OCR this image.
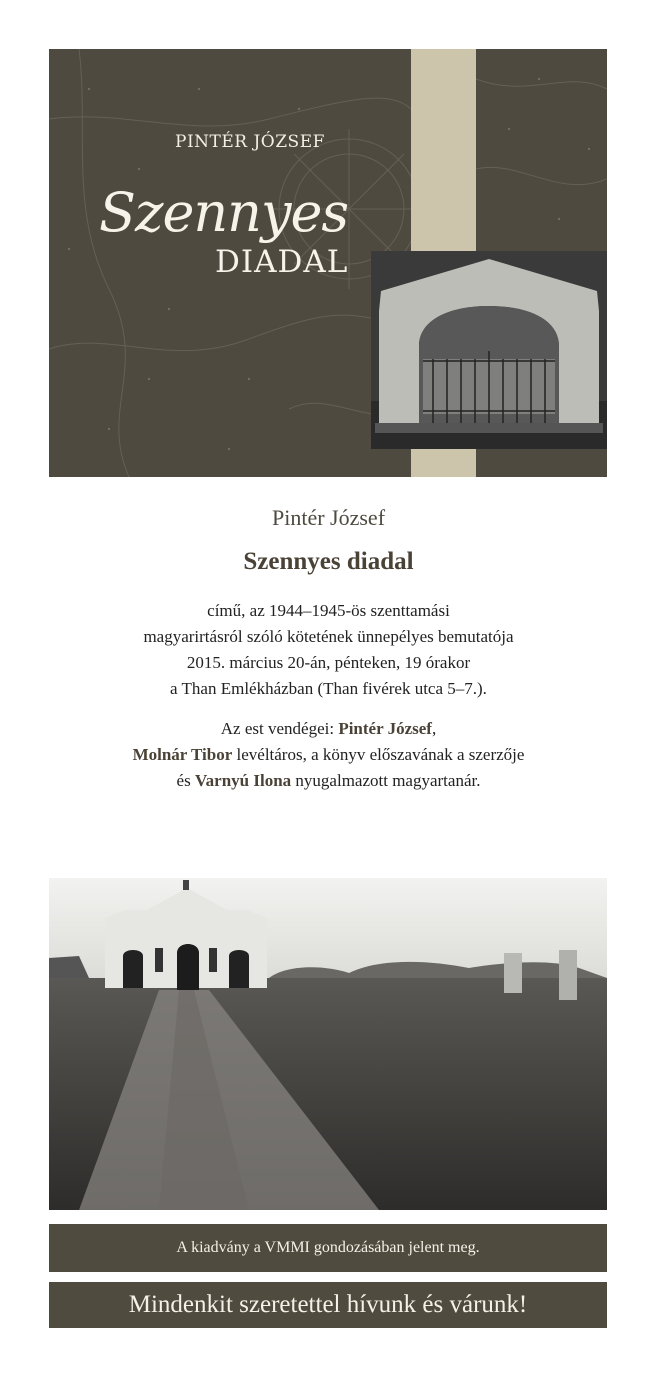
PINTÉR JÓZSEF
Szennyes
DIADAL
Pintér József
Szennyes diadal
című, az 1944–1945-ös szenttamási
magyarirtásról szóló kötetének ünnepélyes bemutatója
2015. március 20-án, pénteken, 19 órakor
a Than Emlékházban (Than fivérek utca 5–7.).
Az est vendégei: Pintér József,
Molnár Tibor levéltáros, a könyv előszavának a szerzője
és Varnyú Ilona nyugalmazott magyartanár.
A kiadvány a VMMI gondozásában jelent meg.
Mindenkit szeretettel hívunk és várunk!
